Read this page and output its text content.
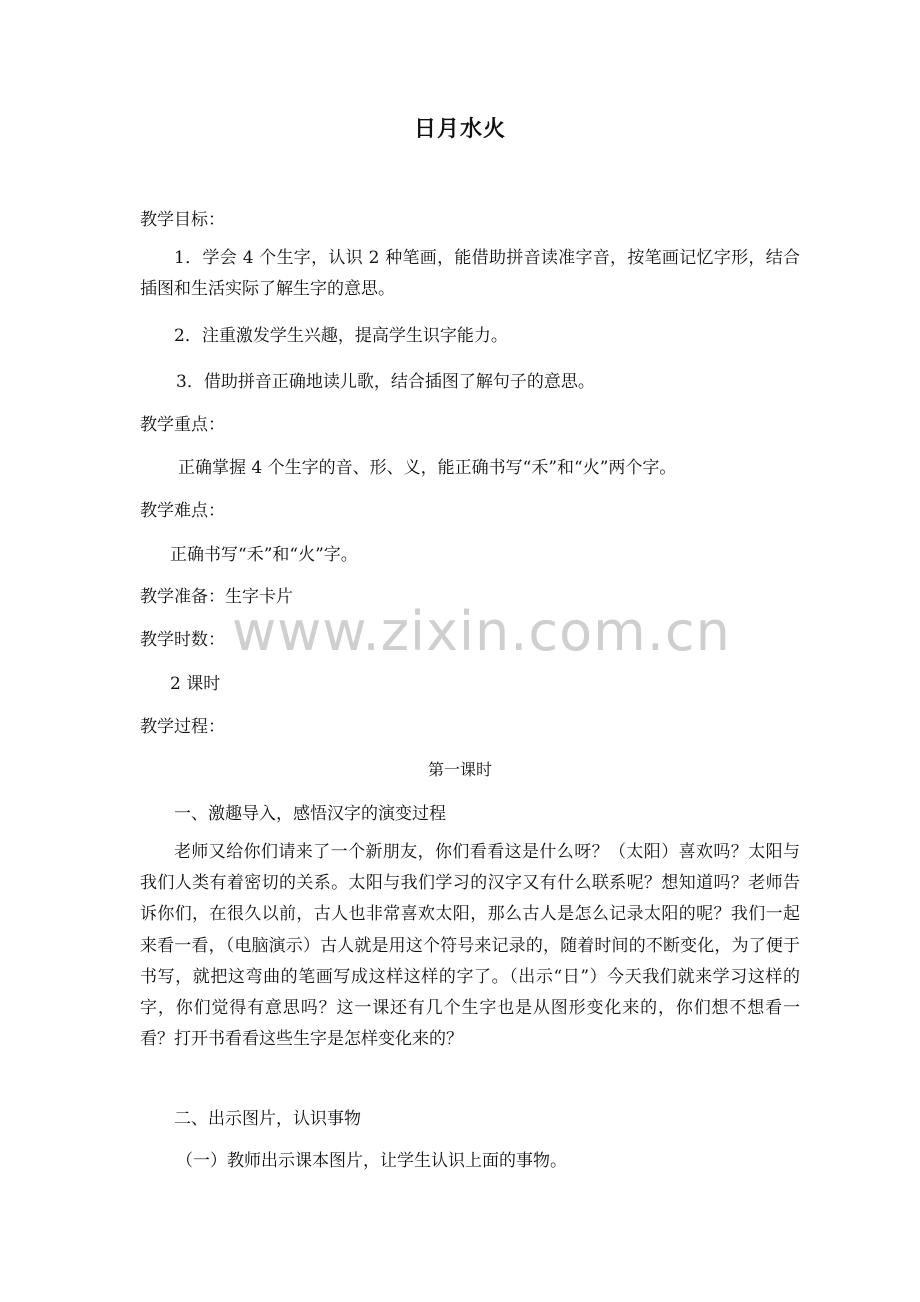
日月水火
教学目标：
1．学会 4 个生字，认识 2 种笔画，能借助拼音读准字音，按笔画记忆字形，结合插图和生活实际了解生字的意思。
2．注重激发学生兴趣，提高学生识字能力。
3．借助拼音正确地读儿歌，结合插图了解句子的意思。
教学重点：
正确掌握 4 个生字的音、形、义，能正确书写“禾”和“火”两个字。
教学难点：
正确书写“禾”和“火”字。
教学准备：生字卡片
教学时数：
2 课时
教学过程：
第一课时
一、激趣导入，感悟汉字的演变过程
老师又给你们请来了一个新朋友，你们看看这是什么呀？（太阳）喜欢吗？太阳与我们人类有着密切的关系。太阳与我们学习的汉字又有什么联系呢？想知道吗？老师告诉你们，在很久以前，古人也非常喜欢太阳，那么古人是怎么记录太阳的呢？我们一起来看一看，（电脑演示）古人就是用这个符号来记录的，随着时间的不断变化，为了便于书写，就把这弯曲的笔画写成这样这样的字了。（出示“日”）今天我们就来学习这样的字，你们觉得有意思吗？这一课还有几个生字也是从图形变化来的，你们想不想看一看？打开书看看这些生字是怎样变化来的？
二、出示图片，认识事物
（一）教师出示课本图片，让学生认识上面的事物。
www.zixin.com.cn
